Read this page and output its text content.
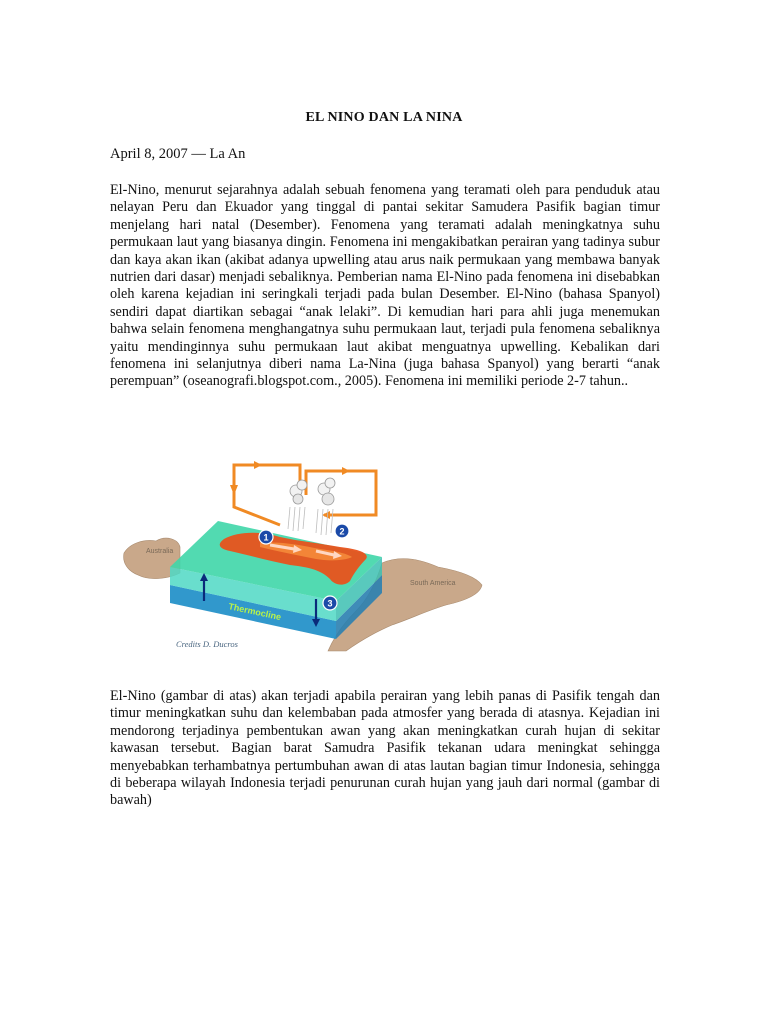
EL NINO DAN LA NINA
April 8, 2007 — La An
El-Nino, menurut sejarahnya adalah sebuah fenomena yang teramati oleh para penduduk atau nelayan Peru dan Ekuador yang tinggal di pantai sekitar Samudera Pasifik bagian timur menjelang hari natal (Desember). Fenomena yang teramati adalah meningkatnya suhu permukaan laut yang biasanya dingin. Fenomena ini mengakibatkan perairan yang tadinya subur dan kaya akan ikan (akibat adanya upwelling atau arus naik permukaan yang membawa banyak nutrien dari dasar) menjadi sebaliknya. Pemberian nama El-Nino pada fenomena ini disebabkan oleh karena kejadian ini seringkali terjadi pada bulan Desember. El-Nino (bahasa Spanyol) sendiri dapat diartikan sebagai “anak lelaki”. Di kemudian hari para ahli juga menemukan bahwa selain fenomena menghangatnya suhu permukaan laut, terjadi pula fenomena sebaliknya yaitu mendinginnya suhu permukaan laut akibat menguatnya upwelling. Kebalikan dari fenomena ini selanjutnya diberi nama La-Nina (juga bahasa Spanyol) yang berarti “anak perempuan” (oseanografi.blogspot.com., 2005). Fenomena ini memiliki periode 2-7 tahun..
1
2
3
Australia
South America
Thermocline
Credits D. Ducros
El-Nino (gambar di atas) akan terjadi apabila perairan yang lebih panas di Pasifik tengah dan timur meningkatkan suhu dan kelembaban pada atmosfer yang berada di atasnya. Kejadian ini mendorong terjadinya pembentukan awan yang akan meningkatkan curah hujan di sekitar kawasan tersebut. Bagian barat Samudra Pasifik tekanan udara meningkat sehingga menyebabkan terhambatnya pertumbuhan awan di atas lautan bagian timur Indonesia, sehingga di beberapa wilayah Indonesia terjadi penurunan curah hujan yang jauh dari normal (gambar di bawah)
